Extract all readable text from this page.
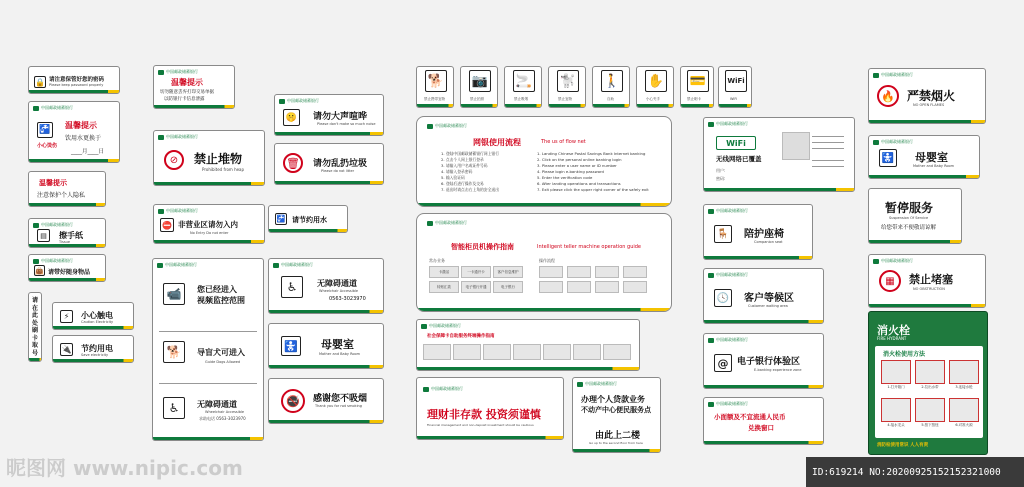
🔒 请注意保管好您的密码
Please keep password properly
中国邮政储蓄银行
温馨提示
🚰
饮用水更换于
小心烫伤
____月____日
温馨提示
注意保护个人隐私
中国邮政储蓄银行
▤	擦手纸
Tissue
中国邮政储蓄银行
👜 请带好随身物品
请在此处刷卡取号
⚡	小心触电
Caution Electricity
🔌 节约用电
Save electricity
中国邮政储蓄银行
温馨提示
切勿随意丢弃打印交易单据
以防银行卡信息泄露
中国邮政储蓄银行
⊘	禁止堆物
Prohibited from heap
中国邮政储蓄银行
⛔ 非营业区请勿入内
No Entry Do not enter
中国邮政储蓄银行
📹	您已经进入
视频监控范围
🐕	导盲犬可进入
Guide Dogs Allowed
♿	无障碍通道
Wheelchair Accessible
求助电话 0563-3023970
中国邮政储蓄银行
🤫	请勿大声喧哗
Please don't make so much noise
🗑	请勿乱扔垃圾
Please do not litter
🚰 请节约用水
中国邮政储蓄银行
♿	无障碍通道
Wheelchair Accessible
0563-3023970
🚼 母婴室
Mother and Baby Room
🚭	感谢您不吸烟
Thank you for not smoking
🐕
禁止携带宠物
📷
禁止拍照
🚬
禁止吸烟
🐩
禁止宠物
🚶
自助
✋
小心夹手
💳
禁止刷卡
WiFi
WiFi
中国邮政储蓄银行
网银使用流程	The us of flow net
1. 登陆中国邮政储蓄银行网上银行
2. 点击个人网上银行登录
3. 请输入用户名或证件号码
4. 请输入登录密码
5. 输入验证码
6. 登陆后进行操作及交易
7. 退出时请点击右上角的安全退出
1. Landing Chinese Postal Savings Bank Internet banking
2. Click on the personal online banking login
3. Please enter a user name or ID number
4. Please login e-banking password
5. Enter the verification code
6. After landing operations and transactions
7. Exit please click the upper right corner of the safely exit
中国邮政储蓄银行
智能柜员机操作指南	Intelligent teller machine operation guide
常办业务	操作流程
卡激活	一卡通开卡	客户信息维护
转账汇款	电子银行开通	电子银行
中国邮政储蓄银行
社会保障卡自助服务终端操作指南
中国邮政储蓄银行
理财非存款 投资须谨慎
Financial management and non-deposit investment should be cautious
中国邮政储蓄银行
办理个人贷款业务
不动产中心便民服务点
由此上二楼
Go up to the second floor from here
中国邮政储蓄银行
WiFi
无线网络已覆盖
用户:
密码:
中国邮政储蓄银行
🪑 陪护座椅
Companion seat
中国邮政储蓄银行
🕓 客户等候区
Customer waiting area
中国邮政储蓄银行
@ 电子银行体验区
E-banking experience zone
中国邮政储蓄银行
小面额及不宜流通人民币
兑换窗口
中国邮政储蓄银行
🔥	严禁烟火
NO OPEN FLAMES
中国邮政储蓄银行
🚼 母婴室
Mother and Baby Room
暂停服务
Suspension Of Service
给您带来不便敬请谅解
中国邮政储蓄银行
▦	禁止堵塞
NO OBSTRUCTION
消火栓
FIRE HYDRANT
消火栓使用方法
1.打开箱门	2.拉出水带	3.连接水枪
4.接水龙头	5.按下按钮	6.对准火源
消防栓使用常识 人人有责
昵图网 www.nipic.com	ID:619214 NO:20200925152152321000
